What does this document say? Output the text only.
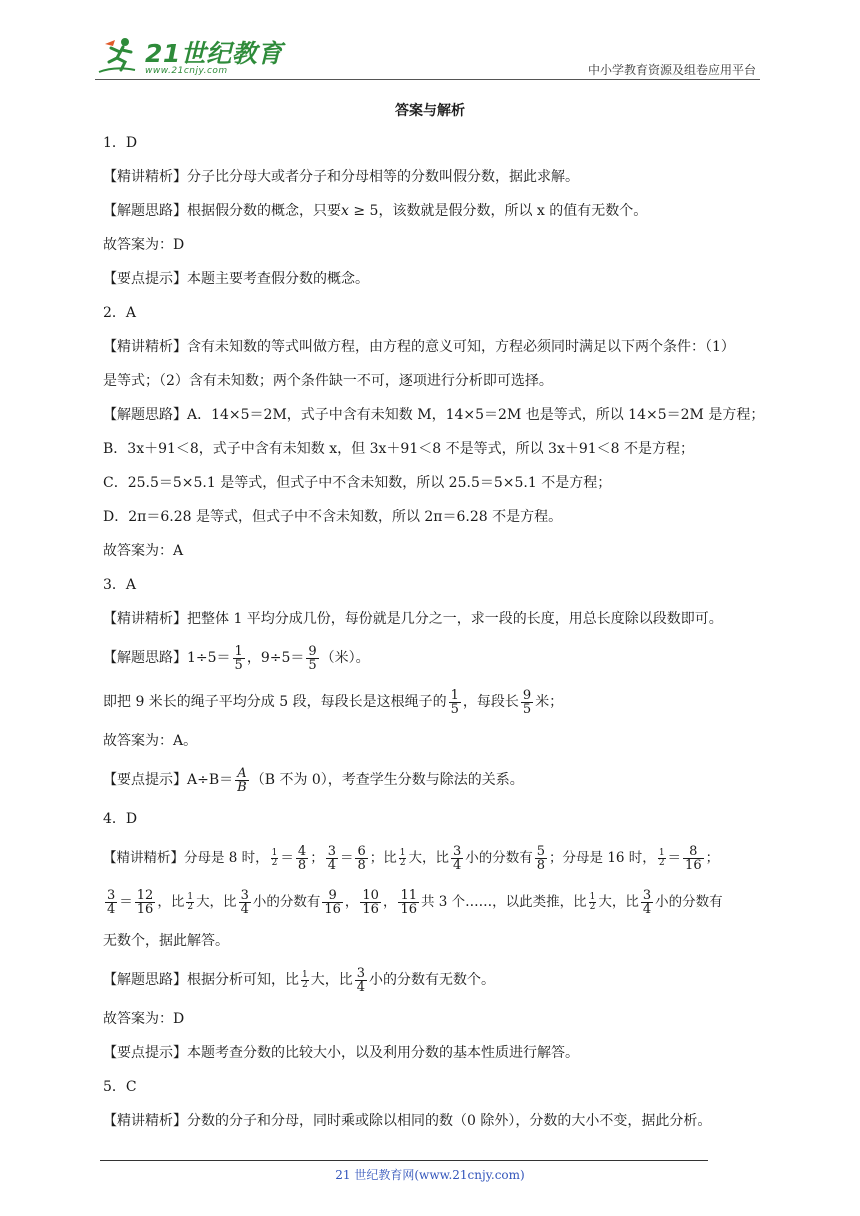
21世纪教育
www.21cnjy.com	中小学教育资源及组卷应用平台
答案与解析

1．D

【精讲精析】分子比分母大或者分子和分母相等的分数叫假分数，据此求解。

【解题思路】根据假分数的概念，只要x ≥ 5，该数就是假分数，所以 x 的值有无数个。

故答案为：D

【要点提示】本题主要考查假分数的概念。

2．A

【精讲精析】含有未知数的等式叫做方程，由方程的意义可知，方程必须同时满足以下两个条件：（1）

是等式；（2）含有未知数；两个条件缺一不可，逐项进行分析即可选择。

【解题思路】A．14×5＝2M，式子中含有未知数 M，14×5＝2M 也是等式，所以 14×5＝2M 是方程；

B．3x＋91＜8，式子中含有未知数 x，但 3x＋91＜8 不是等式，所以 3x＋91＜8 不是方程；

C．25.5＝5×5.1 是等式，但式子中不含未知数，所以 25.5＝5×5.1 不是方程；

D．2π＝6.28 是等式，但式子中不含未知数，所以 2π＝6.28 不是方程。

故答案为：A

3．A

【精讲精析】把整体 1 平均分成几份，每份就是几分之一，求一段的长度，用总长度除以段数即可。

【解题思路】$1\div 5= \frac{1}{5}$ ，$9\div 5= \frac{9}{5}$ （米）。

即把 9 米长的绳子平均分成 5 段，每段长是这根绳子的 $\frac{1}{5}$ ，每段长 $\frac{9}{5}$ 米；

故答案为：A。

【要点提示】$A\div B= \frac{A}{B} (B$ 不为 0），考查学生分数与除法的关系。

4．D

【精讲精析】分母是 8 时， $\frac{1}{2} = \frac{4}{8}$ ； $\frac{3}{4} = \frac{6}{8}$ ；比 $\frac{1}{2}$ 大，比 $\frac{3}{4}$ 小的分数有 $\frac{5}{8}$ ；分母是 16 时， $\frac{1}{2} = \frac{8}{16}$ ；

$\frac{3}{4} = \frac{12}{16}$ ，比 $\frac{1}{2}$ 大，比 $\frac{3}{4}$ 小的分数有 $\frac{9}{16}$ ， $\frac{10}{16}$ ， $\frac{11}{16}$ 共 3 个……，以此类推，比 $\frac{1}{2}$ 大，比 $\frac{3}{4}$ 小的分数有

无数个，据此解答。

【解题思路】根据分析可知，比 $\frac{1}{2}$ 大，比 $\frac{3}{4}$ 小的分数有无数个。

故答案为：D

【要点提示】本题考查分数的比较大小，以及利用分数的基本性质进行解答。

5．C

【精讲精析】分数的分子和分母，同时乘或除以相同的数（0 除外），分数的大小不变，据此分析。

21 世纪教育网(www.21cnjy.com)
